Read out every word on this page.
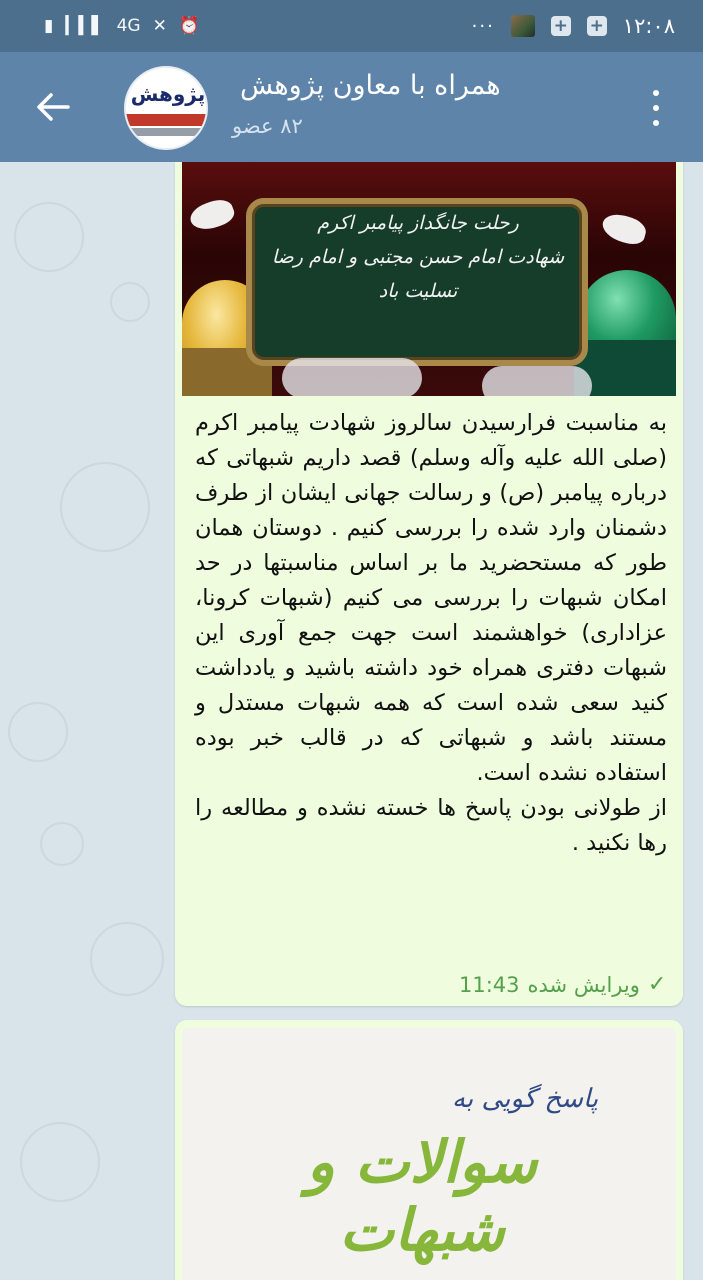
▮ ▎▍▌ 4G ✕ ⏰	···	+ + ۱۲:۰۸
پژوهش همراه با معاون پژوهش
۸۲ عضو
رحلت جانگداز پیامبر اکرم
شهادت امام حسن مجتبی و امام رضا
تسلیت باد
به مناسبت فرارسیدن سالروز شهادت پیامبر اکرم (صلی الله علیه وآله وسلم) قصد داریم شبهاتی که درباره پیامبر (ص) و رسالت جهانی ایشان از طرف دشمنان وارد شده را بررسی کنیم . دوستان همان طور که مستحضرید ما بر اساس مناسبتها در حد امکان شبهات را بررسی می کنیم (شبهات کرونا، عزاداری) خواهشمند است جهت جمع آوری این شبهات دفتری همراه خود داشته باشید و یادداشت کنید سعی شده است که همه شبهات مستدل و مستند باشد و شبهاتی که در قالب خبر بوده استفاده نشده است.
از طولانی بودن پاسخ ها خسته نشده و مطالعه را رها نکنید .
✓
ویرایش شده
11:43
پاسخ گویی به
سوالات و شبهات
